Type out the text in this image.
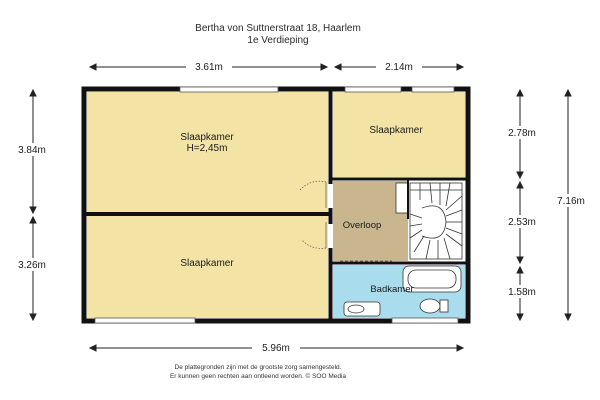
Bertha von Suttnerstraat 18, Haarlem
1e Verdieping
Slaapkamer
H=2,45m
Slaapkamer
Slaapkamer
Overloop
Badkamer
3.61m	2.14m
5.96m
3.84m
3.26m
2.78m
2.53m
1.58m
7.16m
De plattegronden zijn met de grootste zorg samengesteld.
Er kunnen geen rechten aan ontleend worden. © SOO Media
